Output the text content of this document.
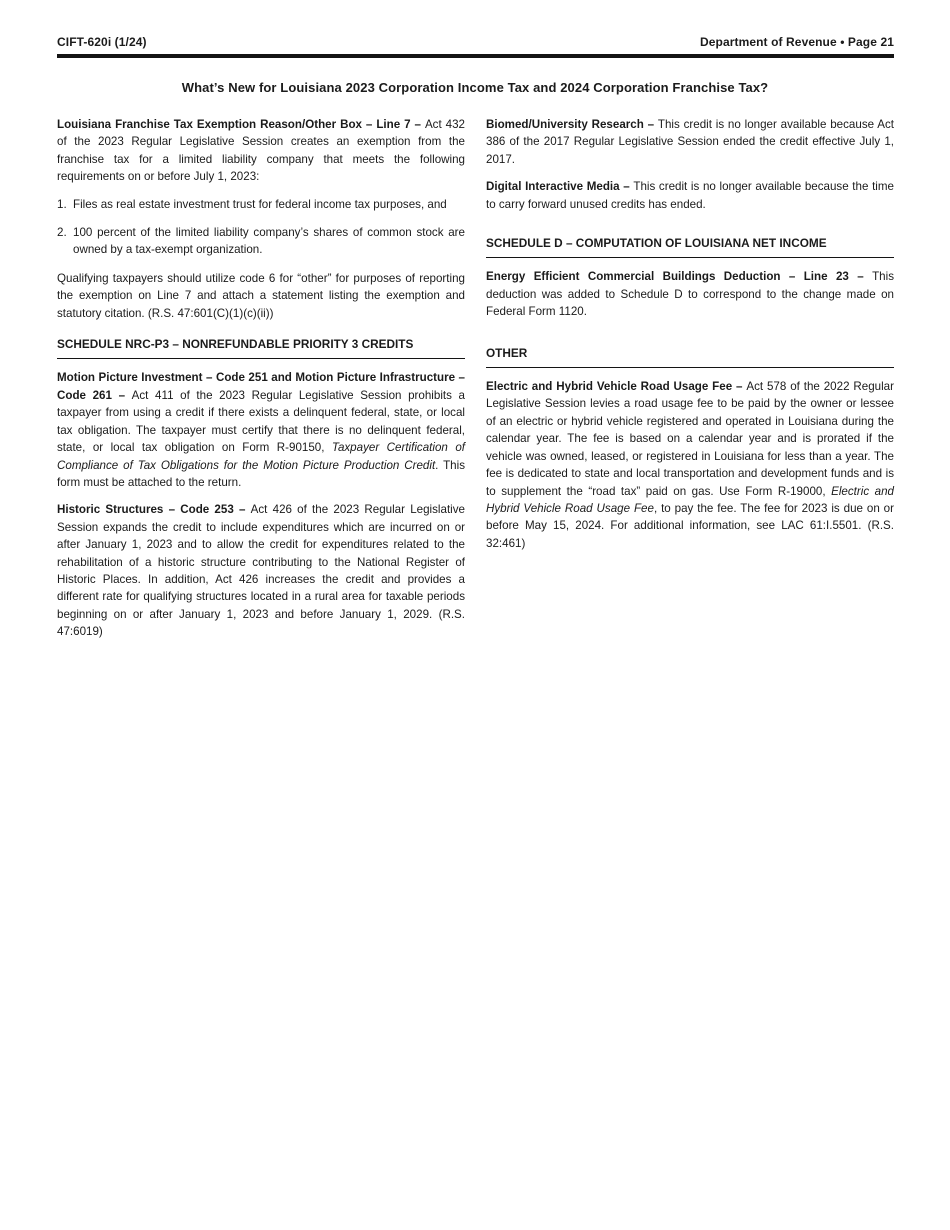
CIFT-620i (1/24)	Department of Revenue • Page 21
What’s New for Louisiana 2023 Corporation Income Tax and 2024 Corporation Franchise Tax?

Louisiana Franchise Tax Exemption Reason/Other Box – Line 7 – Act 432 of the 2023 Regular Legislative Session creates an exemption from the franchise tax for a limited liability company that meets the following requirements on or before July 1, 2023:

1. Files as real estate investment trust for federal income tax purposes, and
2. 100 percent of the limited liability company’s shares of common stock are owned by a tax-exempt organization.

Qualifying taxpayers should utilize code 6 for “other” for purposes of reporting the exemption on Line 7 and attach a statement listing the exemption and statutory citation. (R.S. 47:601(C)(1)(c)(ii))

SCHEDULE NRC-P3 – NONREFUNDABLE PRIORITY 3 CREDITS

Motion Picture Investment – Code 251 and Motion Picture Infrastructure – Code 261 – Act 411 of the 2023 Regular Legislative Session prohibits a taxpayer from using a credit if there exists a delinquent federal, state, or local tax obligation. The taxpayer must certify that there is no delinquent federal, state, or local tax obligation on Form R-90150, Taxpayer Certification of Compliance of Tax Obligations for the Motion Picture Production Credit. This form must be attached to the return.

Historic Structures – Code 253 – Act 426 of the 2023 Regular Legislative Session expands the credit to include expenditures which are incurred on or after January 1, 2023 and to allow the credit for expenditures related to the rehabilitation of a historic structure contributing to the National Register of Historic Places. In addition, Act 426 increases the credit and provides a different rate for qualifying structures located in a rural area for taxable periods beginning on or after January 1, 2023 and before January 1, 2029. (R.S. 47:6019)

Biomed/University Research – This credit is no longer available because Act 386 of the 2017 Regular Legislative Session ended the credit effective July 1, 2017.

Digital Interactive Media – This credit is no longer available because the time to carry forward unused credits has ended.

SCHEDULE D – COMPUTATION OF LOUISIANA NET INCOME

Energy Efficient Commercial Buildings Deduction – Line 23 – This deduction was added to Schedule D to correspond to the change made on Federal Form 1120.

OTHER

Electric and Hybrid Vehicle Road Usage Fee – Act 578 of the 2022 Regular Legislative Session levies a road usage fee to be paid by the owner or lessee of an electric or hybrid vehicle registered and operated in Louisiana during the calendar year. The fee is based on a calendar year and is prorated if the vehicle was owned, leased, or registered in Louisiana for less than a year. The fee is dedicated to state and local transportation and development funds and is to supplement the “road tax” paid on gas. Use Form R-19000, Electric and Hybrid Vehicle Road Usage Fee, to pay the fee. The fee for 2023 is due on or before May 15, 2024. For additional information, see LAC 61:I.5501. (R.S. 32:461)
